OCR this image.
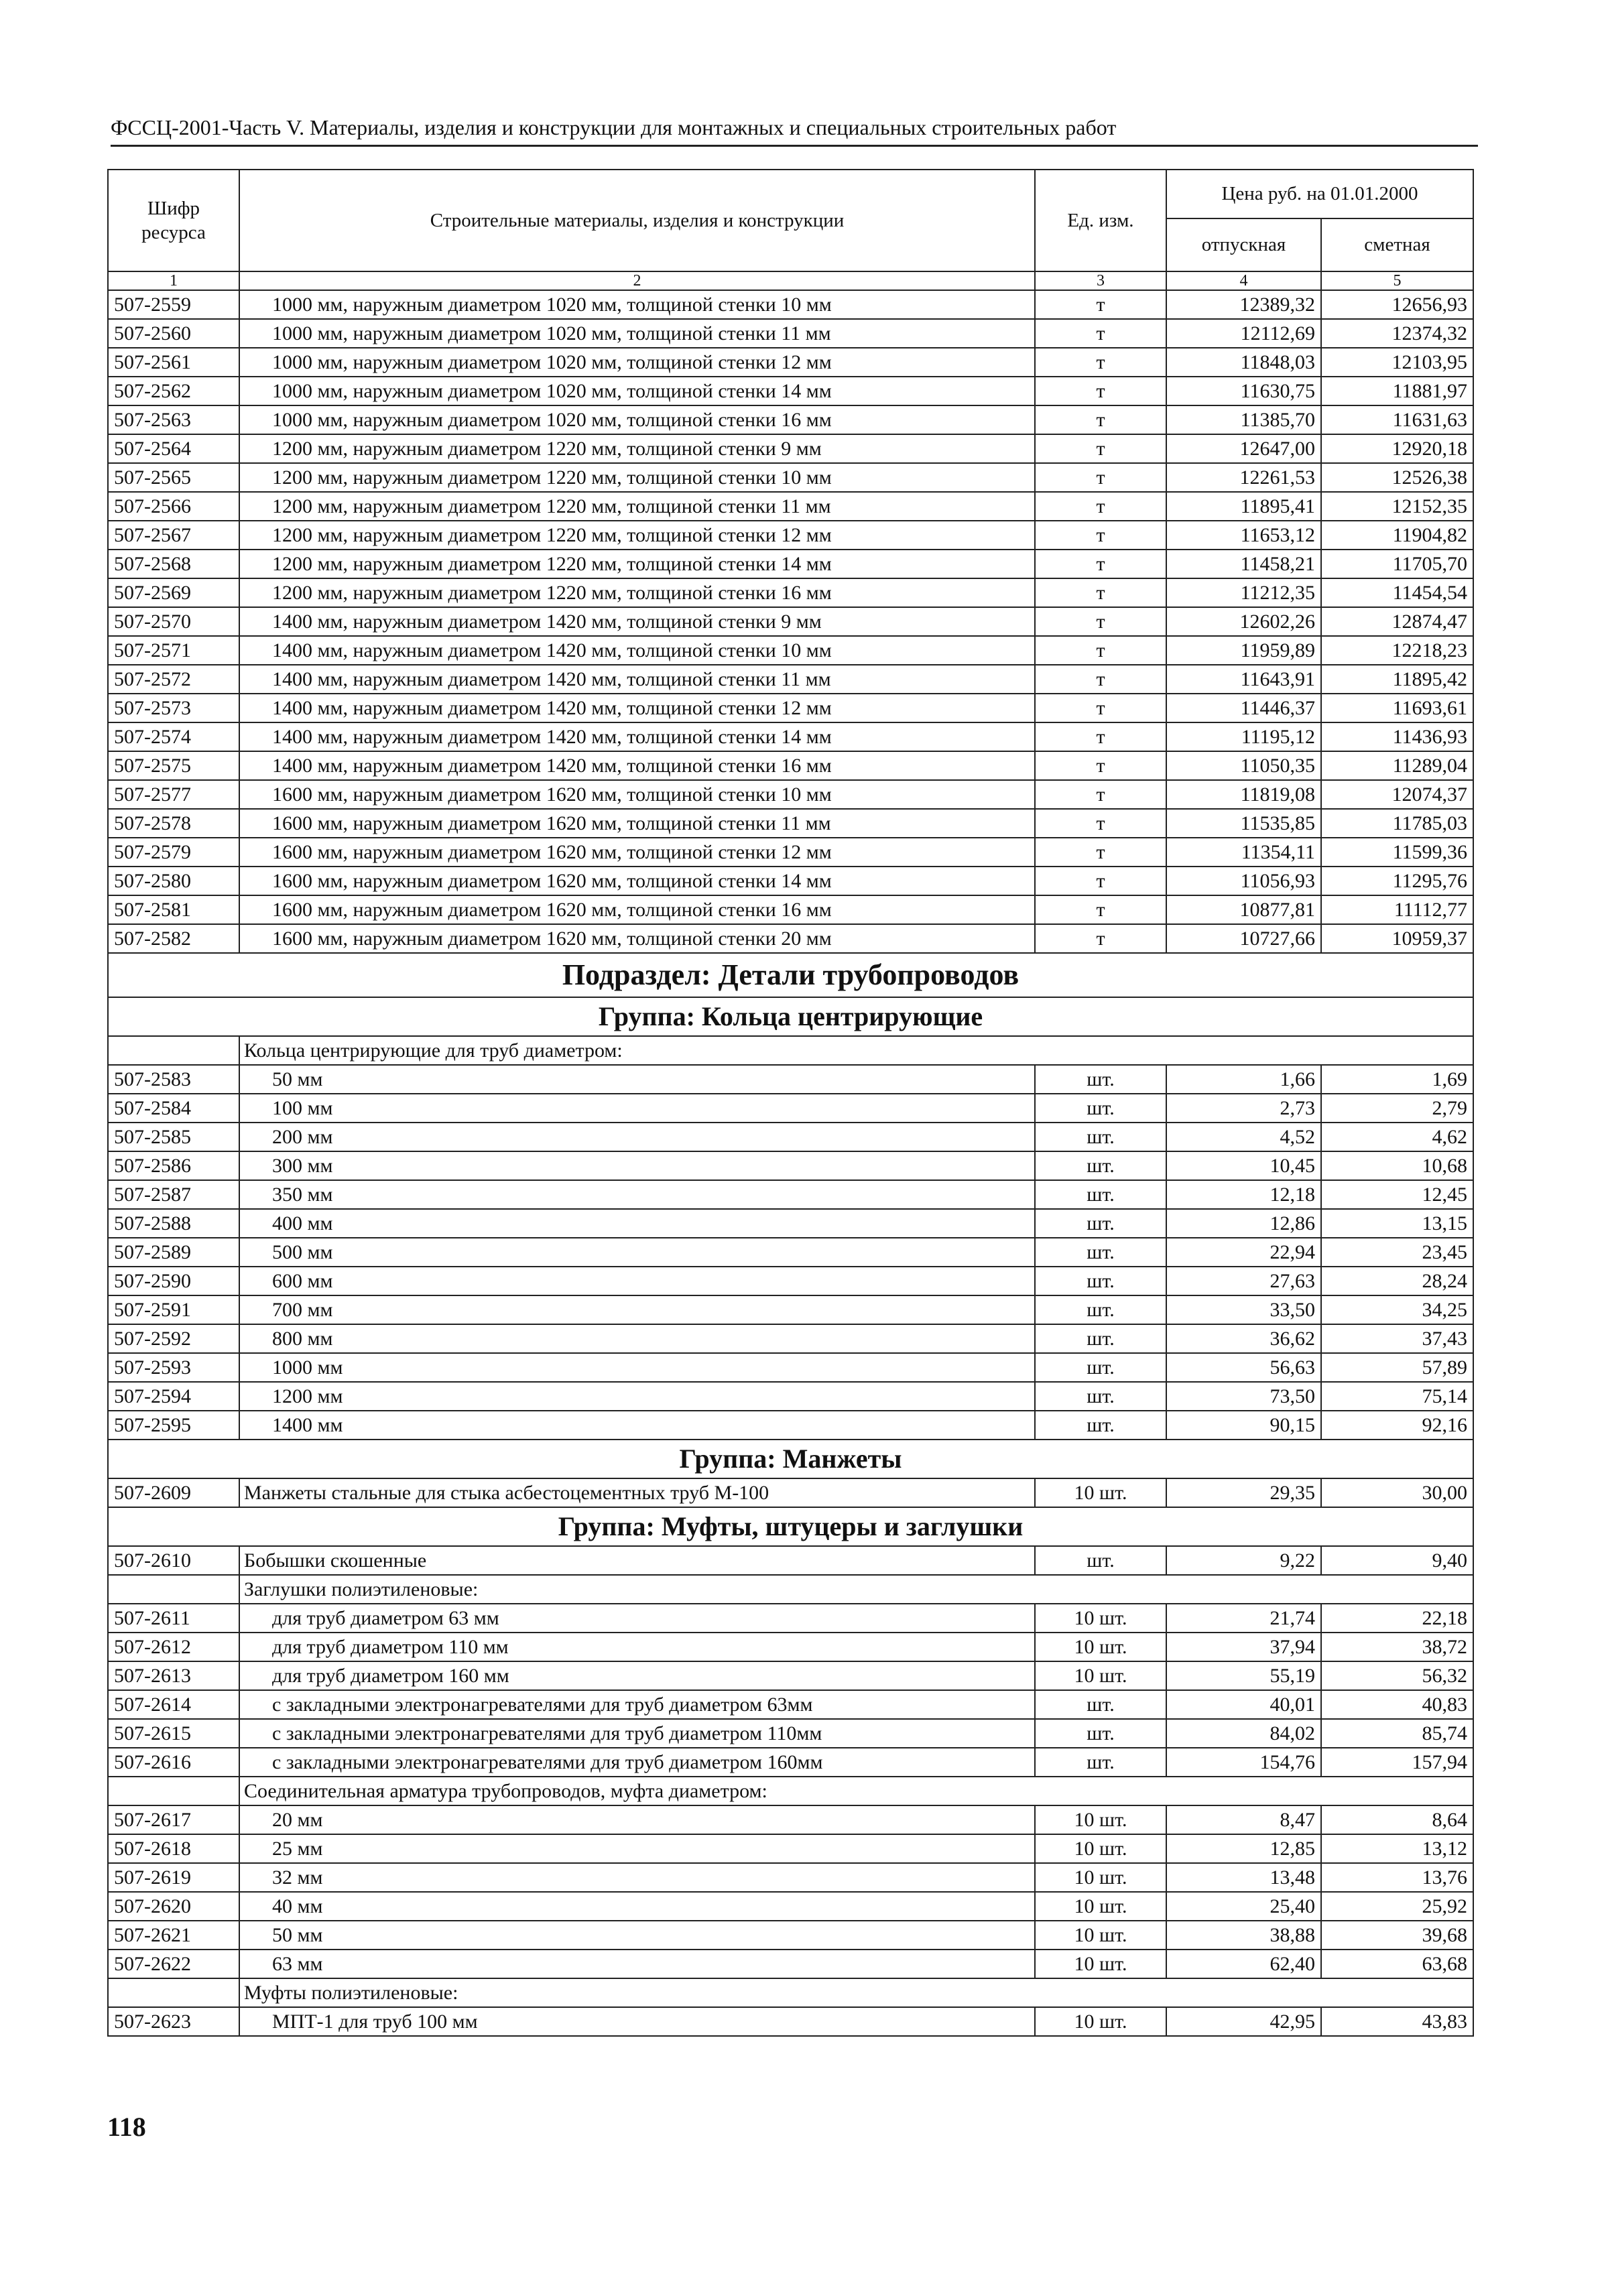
ФССЦ-2001-Часть V. Материалы, изделия и конструкции для монтажных и специальных строительных работ
Шифр ресурса	Строительные материалы, изделия и конструкции	Ед. изм.	Цена руб. на 01.01.2000	
			отпускная	сметная
1	2	3	4	5
507-2559	1000 мм, наружным диаметром 1020 мм, толщиной стенки 10 мм	т	12389,32	12656,93
507-2560	1000 мм, наружным диаметром 1020 мм, толщиной стенки 11 мм	т	12112,69	12374,32
507-2561	1000 мм, наружным диаметром 1020 мм, толщиной стенки 12 мм	т	11848,03	12103,95
507-2562	1000 мм, наружным диаметром 1020 мм, толщиной стенки 14 мм	т	11630,75	11881,97
507-2563	1000 мм, наружным диаметром 1020 мм, толщиной стенки 16 мм	т	11385,70	11631,63
507-2564	1200 мм, наружным диаметром 1220 мм, толщиной стенки 9 мм	т	12647,00	12920,18
507-2565	1200 мм, наружным диаметром 1220 мм, толщиной стенки 10 мм	т	12261,53	12526,38
507-2566	1200 мм, наружным диаметром 1220 мм, толщиной стенки 11 мм	т	11895,41	12152,35
507-2567	1200 мм, наружным диаметром 1220 мм, толщиной стенки 12 мм	т	11653,12	11904,82
507-2568	1200 мм, наружным диаметром 1220 мм, толщиной стенки 14 мм	т	11458,21	11705,70
507-2569	1200 мм, наружным диаметром 1220 мм, толщиной стенки 16 мм	т	11212,35	11454,54
507-2570	1400 мм, наружным диаметром 1420 мм, толщиной стенки 9 мм	т	12602,26	12874,47
507-2571	1400 мм, наружным диаметром 1420 мм, толщиной стенки 10 мм	т	11959,89	12218,23
507-2572	1400 мм, наружным диаметром 1420 мм, толщиной стенки 11 мм	т	11643,91	11895,42
507-2573	1400 мм, наружным диаметром 1420 мм, толщиной стенки 12 мм	т	11446,37	11693,61
507-2574	1400 мм, наружным диаметром 1420 мм, толщиной стенки 14 мм	т	11195,12	11436,93
507-2575	1400 мм, наружным диаметром 1420 мм, толщиной стенки 16 мм	т	11050,35	11289,04
507-2577	1600 мм, наружным диаметром 1620 мм, толщиной стенки 10 мм	т	11819,08	12074,37
507-2578	1600 мм, наружным диаметром 1620 мм, толщиной стенки 11 мм	т	11535,85	11785,03
507-2579	1600 мм, наружным диаметром 1620 мм, толщиной стенки 12 мм	т	11354,11	11599,36
507-2580	1600 мм, наружным диаметром 1620 мм, толщиной стенки 14 мм	т	11056,93	11295,76
507-2581	1600 мм, наружным диаметром 1620 мм, толщиной стенки 16 мм	т	10877,81	11112,77
507-2582	1600 мм, наружным диаметром 1620 мм, толщиной стенки 20 мм	т	10727,66	10959,37
Подраздел: Детали трубопроводов				
Группа: Кольца центрирующие				
	Кольца центрирующие для труб диаметром:			
507-2583	50 мм	шт.	1,66	1,69
507-2584	100 мм	шт.	2,73	2,79
507-2585	200 мм	шт.	4,52	4,62
507-2586	300 мм	шт.	10,45	10,68
507-2587	350 мм	шт.	12,18	12,45
507-2588	400 мм	шт.	12,86	13,15
507-2589	500 мм	шт.	22,94	23,45
507-2590	600 мм	шт.	27,63	28,24
507-2591	700 мм	шт.	33,50	34,25
507-2592	800 мм	шт.	36,62	37,43
507-2593	1000 мм	шт.	56,63	57,89
507-2594	1200 мм	шт.	73,50	75,14
507-2595	1400 мм	шт.	90,15	92,16
Группа: Манжеты				
507-2609	Манжеты стальные для стыка асбестоцементных труб М-100	10 шт.	29,35	30,00
Группа: Муфты, штуцеры и заглушки				
507-2610	Бобышки скошенные	шт.	9,22	9,40
	Заглушки полиэтиленовые:			
507-2611	для труб диаметром 63 мм	10 шт.	21,74	22,18
507-2612	для труб диаметром 110 мм	10 шт.	37,94	38,72
507-2613	для труб диаметром 160 мм	10 шт.	55,19	56,32
507-2614	с закладными электронагревателями для труб диаметром 63мм	шт.	40,01	40,83
507-2615	с закладными электронагревателями для труб диаметром 110мм	шт.	84,02	85,74
507-2616	с закладными электронагревателями для труб диаметром 160мм	шт.	154,76	157,94
	Соединительная арматура трубопроводов, муфта диаметром:			
507-2617	20 мм	10 шт.	8,47	8,64
507-2618	25 мм	10 шт.	12,85	13,12
507-2619	32 мм	10 шт.	13,48	13,76
507-2620	40 мм	10 шт.	25,40	25,92
507-2621	50 мм	10 шт.	38,88	39,68
507-2622	63 мм	10 шт.	62,40	63,68
	Муфты полиэтиленовые:			
507-2623	МПТ-1 для труб 100 мм	10 шт.	42,95	43,83
118
